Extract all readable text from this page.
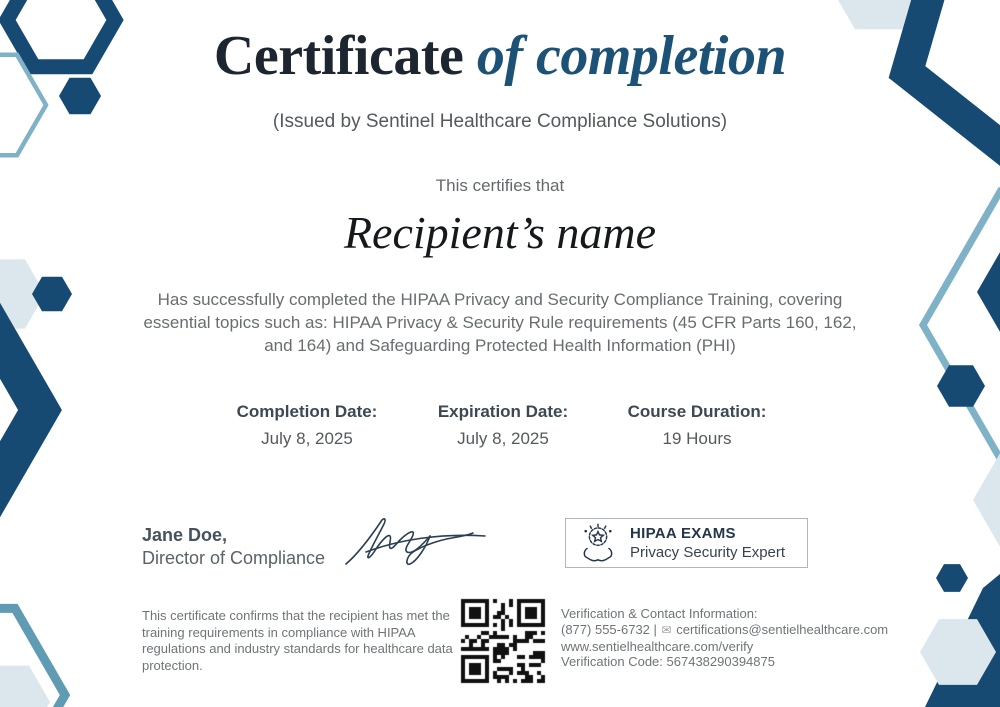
Certificate of completion
(Issued by Sentinel Healthcare Compliance Solutions)
This certifies that
Recipient’s name

Has successfully completed the HIPAA Privacy and Security Compliance Training, covering essential topics such as: HIPAA Privacy & Security Rule requirements (45 CFR Parts 160, 162, and 164) and Safeguarding Protected Health Information (PHI)

Completion Date:
July 8, 2025
Expiration Date:
July 8, 2025
Course Duration:
19 Hours
Jane Doe,
Director of Compliance
HIPAA EXAMS
Privacy Security Expert

This certificate confirms that the recipient has met the training requirements in compliance with HIPAA regulations and industry standards for healthcare data protection.

Verification & Contact Information:
(877) 555-6732 | ✉ certifications@sentielhealthcare.com
www.sentielhealthcare.com/verify
Verification Code: 567438290394875
